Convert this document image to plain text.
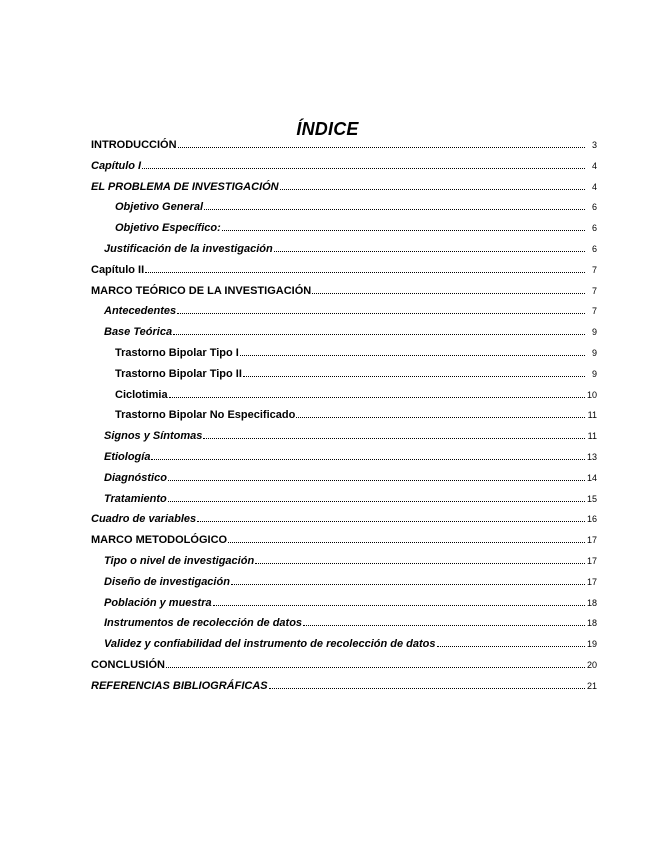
ÍNDICE
INTRODUCCIÓN	3
Capítulo I	4
EL PROBLEMA DE INVESTIGACIÓN	4
Objetivo General	6
Objetivo Específico:	6
Justificación de la investigación	6
Capítulo II	7
MARCO TEÓRICO DE LA INVESTIGACIÓN	7
Antecedentes	7
Base Teórica	9
Trastorno Bipolar Tipo I	9
Trastorno Bipolar Tipo II	9
Ciclotimia	10
Trastorno Bipolar No Especificado	11
Signos y Síntomas	11
Etiología	13
Diagnóstico	14
Tratamiento	15
Cuadro de variables	16
MARCO METODOLÓGICO	17
Tipo o nivel de investigación	17
Diseño de investigación	17
Población y muestra	18
Instrumentos de recolección de datos	18
Validez y confiabilidad del instrumento de recolección de datos	19
CONCLUSIÓN	20
REFERENCIAS BIBLIOGRÁFICAS	21
